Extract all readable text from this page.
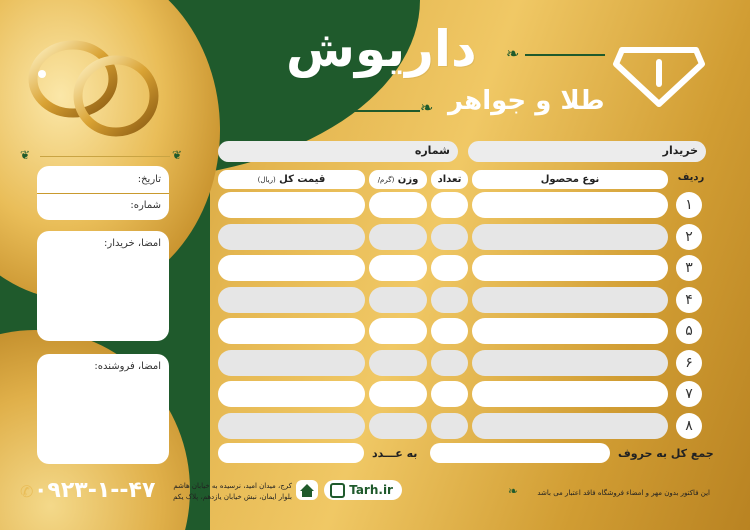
❦	❦
تاریخ:
شماره:
امضا، خریدار:
امضا، فروشنده:
داریوش
طلا و جواهر
❧
❧
خریدار
شماره
ردیف
نوع محصول
تعداد
وزن (گرم/
قیمت کل (ریال)
۱
۲
۳
۴
۵
۶
۷
۸
جمع کل به حروف
به عـــدد
این فاکتور بدون مهر و امضاء فروشگاه فاقد اعتبار می باشد
❧
Tarh.ir
کرج، میدان امید، نرسیده به خیابان هاشم
بلوار ایمان، نبش خیابان یازدهم، پلاک یکم
✆ ۰۹۲۳-۱--۴۷
